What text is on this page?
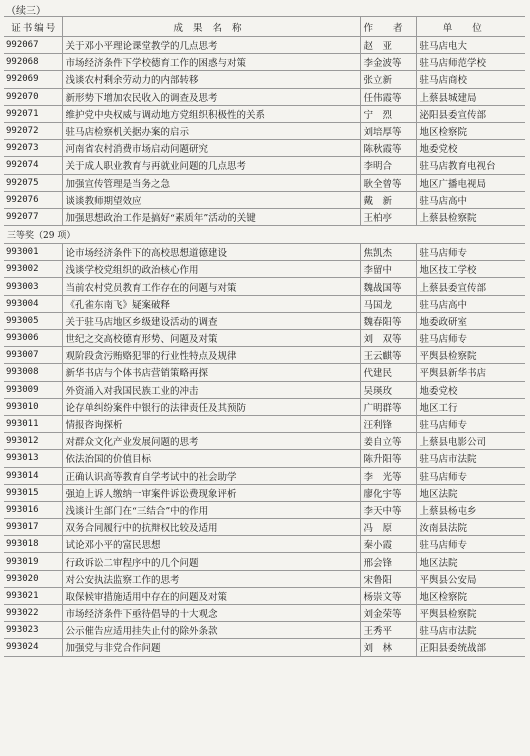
（续三）
证书编号	成果名称	作者	单位
992067	关于邓小平理论课堂教学的几点思考	赵　亚	驻马店电大
992068	市场经济条件下学校德育工作的困惑与对策	李金波等	驻马店师范学校
992069	浅谈农村剩余劳动力的内部转移	张立新	驻马店商校
992070	新形势下增加农民收入的调查及思考	任伟霞等	上蔡县城建局
992071	维护党中央权威与调动地方党组织积极性的关系	宁　烈	泌阳县委宣传部
992072	驻马店检察机关据办案的启示	刘培厚等	地区检察院
992073	河南省农村消费市场启动问题研究	陈秋霞等	地委党校
992074	关于成人职业教育与再就业问题的几点思考	李明合	驻马店教育电视台
992075	加强宣传管理是当务之急	耿全曾等	地区广播电视局
992076	谈谈教师期望效应	戴　新	驻马店高中
992077	加强思想政治工作是搞好“素质年”活动的关键	王柏亭	上蔡县检察院
三等奖（29 项）			
993001	论市场经济条件下的高校思想道德建设	焦凯杰	驻马店师专
993002	浅谈学校党组织的政治核心作用	李留中	地区技工学校
993003	当前农村党员教育工作存在的问题与对策	魏战国等	上蔡县委宣传部
993004	《孔雀东南飞》疑案破释	马国龙	驻马店高中
993005	关于驻马店地区乡级建设活动的调查	魏春阳等	地委政研室
993006	世纪之交高校德育形势、问题及对策	刘　双等	驻马店师专
993007	观阶段贪污贿赂犯罪的行业性特点及规律	王云麒等	平舆县检察院
993008	新华书店与个体书店营销策略再探	代建民	平舆县新华书店
993009	外资涌入对我国民族工业的冲击	吴瑛玫	地委党校
993010	论存单纠纷案件中银行的法律责任及其预防	广明群等	地区工行
993011	情报咨询探析	汪利锋	驻马店师专
993012	对群众文化产业发展问题的思考	姜自立等	上蔡县电影公司
993013	依法治国的价值目标	陈升阳等	驻马店市法院
993014	正确认识高等教育自学考试中的社会助学	李　光等	驻马店师专
993015	强迫上诉人缴纳一审案件诉讼费现象评析	廖化宇等	地区法院
993016	浅谈计生部门在“三结合”中的作用	李天中等	上蔡县杨屯乡
993017	双务合同履行中的抗辩权比较及适用	冯　原	汝南县法院
993018	试论邓小平的富民思想	秦小霞	驻马店师专
993019	行政诉讼二审程序中的几个问题	邢会锋	地区法院
993020	对公安执法监察工作的思考	宋鲁阳	平舆县公安局
993021	取保候审措施适用中存在的问题及对策	杨崇文等	地区检察院
993022	市场经济条件下亟待倡导的十大观念	刘金荣等	平舆县检察院
993023	公示催告应适用挂失止付的除外条款	王秀平	驻马店市法院
993024	加强党与非党合作问题	刘　林	正阳县委统战部
